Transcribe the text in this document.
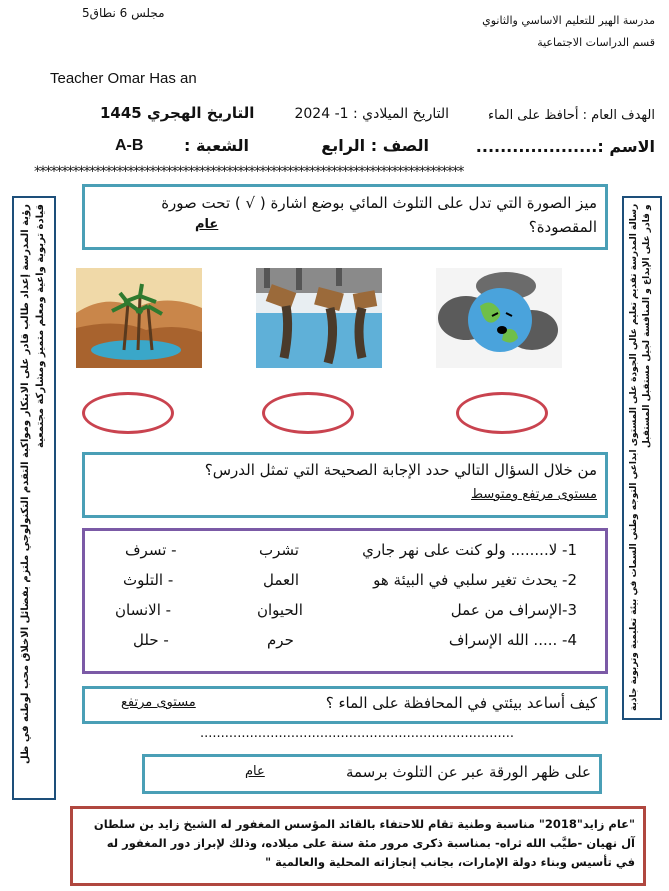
مجلس 6 نطاق5
مدرسة الهير للتعليم الاساسي والثانوي
قسم الدراسات الاجتماعية
Teacher Omar Has an
الهدف العام : أحافظ على الماء
التاريخ الميلادي : 1- 2024
التاريخ الهجري 1445
الاسم :....................
الصف : الرابع
الشعبة :
A-B
******************************************************************************
رسالة المدرسة تقديم تعليم عالي الجودة على المستوى ابداعي التوجه وطني السمات في بيئة تعليمية وتربوية جاذبة و قادر على الإبداع و المنافسة لجيل مستقبل المستقبل
رؤية المدرسة إعداد طالب قادر على الابتكار ومواكبة التقدم التكنولوجي ملتزم بفضائل الاخلاق محب لوطنه في ظل قيادة تربوية واعية ومعلم متميز ومشاركة مجتمعية
ميز الصورة التي تدل على التلوث المائي بوضع اشارة ( √ ) تحت صورة المقصودة؟
عام
من خلال السؤال التالي حدد الإجابة الصحيحة التي تمثل الدرس؟
مستوى مرتفع ومتوسط
1- لا........ ولو كنت على نهر جاري
تشرب
- تسرف
2- يحدث تغير سلبي في البيئة هو
العمل
- التلوث
3-الإسراف من عمل
الحيوان
- الانسان
4- ..... الله الإسراف
حرم
- حلل
كيف أساعد بيئتي في المحافظة على الماء ؟
مستوى مرتفع
............................................................................
على ظهر الورقة عبر عن التلوث برسمة
عام
"عام زايد"2018" مناسبة وطنية تقام للاحتفاء بالقائد المؤسس المغفور له الشيخ زايد بن سلطان آل نهيان -طيَّب الله ثراه- بمناسبة ذكرى مرور مئة سنة على ميلاده، وذلك لإبراز دور المغفور له في تأسيس وبناء دولة الإمارات، بجانب إنجازاته المحلية والعالمية "
